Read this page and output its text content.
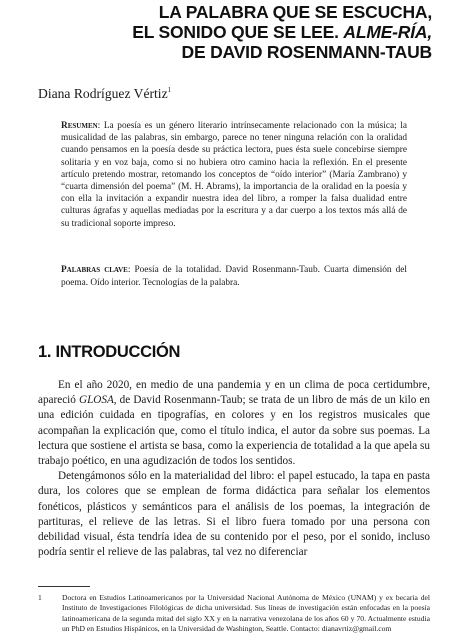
LA PALABRA QUE SE ESCUCHA,
EL SONIDO QUE SE LEE. ALME-RÍA,
DE DAVID ROSENMANN-TAUB
Diana Rodríguez Vértiz$^1$

Resumen: La poesía es un género literario intrínsecamente relacionado con la música; la musicalidad de las palabras, sin embargo, parece no tener ninguna relación con la oralidad cuando pensamos en la poesía desde su práctica lectora, pues ésta suele concebirse siempre solitaria y en voz baja, como si no hubiera otro camino hacia la reflexión. En el presente artículo pretendo mostrar, retomando los conceptos de “oído interior” (María Zambrano) y “cuarta dimensión del poema” (M. H. Abrams), la importancia de la oralidad en la poesía y con ella la invitación a expandir nuestra idea del libro, a romper la falsa dualidad entre culturas ágrafas y aquellas mediadas por la escritura y a dar cuerpo a los textos más allá de su tradicional soporte impreso.

Palabras clave: Poesía de la totalidad. David Rosenmann-Taub. Cuarta dimensión del poema. Oído interior. Tecnologías de la palabra.
1. INTRODUCCIÓN

En el año 2020, en medio de una pandemia y en un clima de poca certidumbre, apareció GLOSA, de David Rosenmann-Taub; se trata de un libro de más de un kilo en una edición cuidada en tipografías, en colores y en los registros musicales que acompañan la explicación que, como el título indica, el autor da sobre sus poemas. La lectura que sostiene el artista se basa, como la experiencia de totalidad a la que apela su trabajo poético, en una agudización de todos los sentidos.

Detengámonos sólo en la materialidad del libro: el papel estucado, la tapa en pasta dura, los colores que se emplean de forma didáctica para señalar los elementos fonéticos, plásticos y semánticos para el análisis de los poemas, la integración de partituras, el relieve de las letras. Si el libro fuera tomado por una persona con debilidad visual, ésta tendría idea de su contenido por el peso, por el sonido, incluso podría sentir el relieve de las palabras, tal vez no diferenciar

1	Doctora en Estudios Latinoamericanos por la Universidad Nacional Autónoma de México (UNAM) y ex becaria del Instituto de Investigaciones Filológicas de dicha universidad. Sus líneas de investigación están enfocadas en la poesía latinoamericana de la segunda mitad del siglo XX y en la narrativa venezolana de los años 60 y 70. Actualmente estudia un PhD en Estudios Hispánicos, en la Universidad de Washington, Seattle. Contacto: dianavrtiz@gmail.com
